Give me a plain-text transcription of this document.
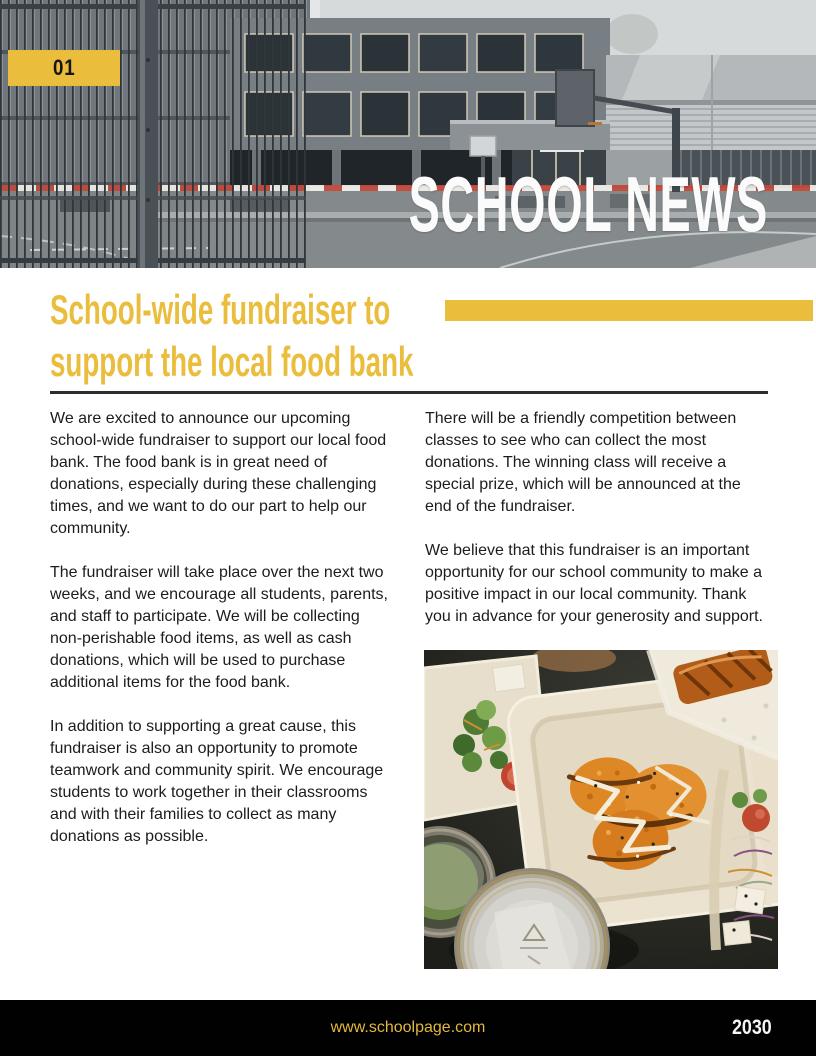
01
SCHOOL NEWS
School-wide fundraiser to
support the local food bank

We are excited to announce our upcoming school-wide fundraiser to support our local food bank. The food bank is in great need of donations, especially during these challenging times, and we want to do our part to help our community.

The fundraiser will take place over the next two weeks, and we encourage all students, parents, and staff to participate. We will be collecting non-perishable food items, as well as cash donations, which will be used to purchase additional items for the food bank.

In addition to supporting a great cause, this fundraiser is also an opportunity to promote teamwork and community spirit. We encourage students to work together in their classrooms and with their families to collect as many donations as possible.

There will be a friendly competition between classes to see who can collect the most donations. The winning class will receive a special prize, which will be announced at the end of the fundraiser.

We believe that this fundraiser is an important opportunity for our school community to make a positive impact in our local community. Thank you in advance for your generosity and support.

www.schoolpage.com	2030
